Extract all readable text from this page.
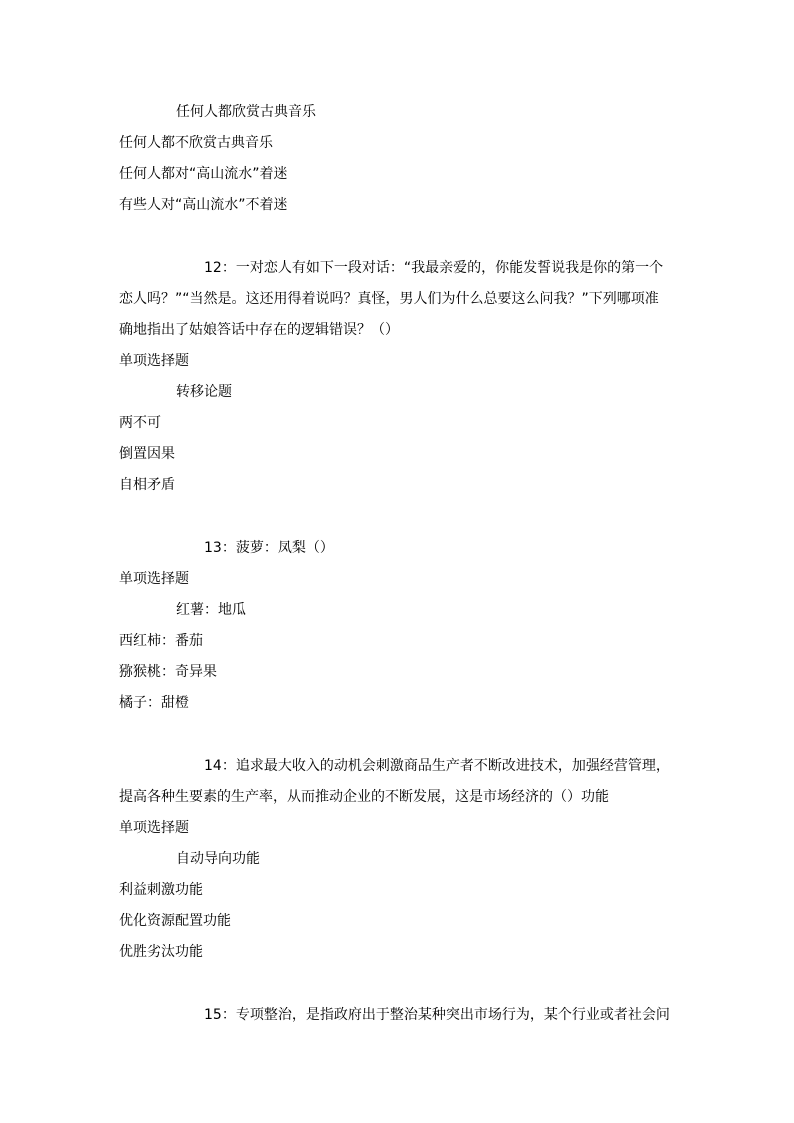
任何人都欣赏古典音乐
任何人都不欣赏古典音乐
任何人都对“高山流水”着迷
有些人对“高山流水”不着迷
12：一对恋人有如下一段对话：“我最亲爱的，你能发誓说我是你的第一个
恋人吗？”“当然是。这还用得着说吗？真怪，男人们为什么总要这么问我？”下列哪项准
确地指出了姑娘答话中存在的逻辑错误？（）
单项选择题
转移论题
两不可
倒置因果
自相矛盾
13：菠萝：凤梨（）
单项选择题
红薯：地瓜
西红柿：番茄
猕猴桃：奇异果
橘子：甜橙
14：追求最大收入的动机会刺激商品生产者不断改进技术，加强经营管理，
提高各种生要素的生产率，从而推动企业的不断发展，这是市场经济的（）功能
单项选择题
自动导向功能
利益刺激功能
优化资源配置功能
优胜劣汰功能
15：专项整治，是指政府出于整治某种突出市场行为，某个行业或者社会问
